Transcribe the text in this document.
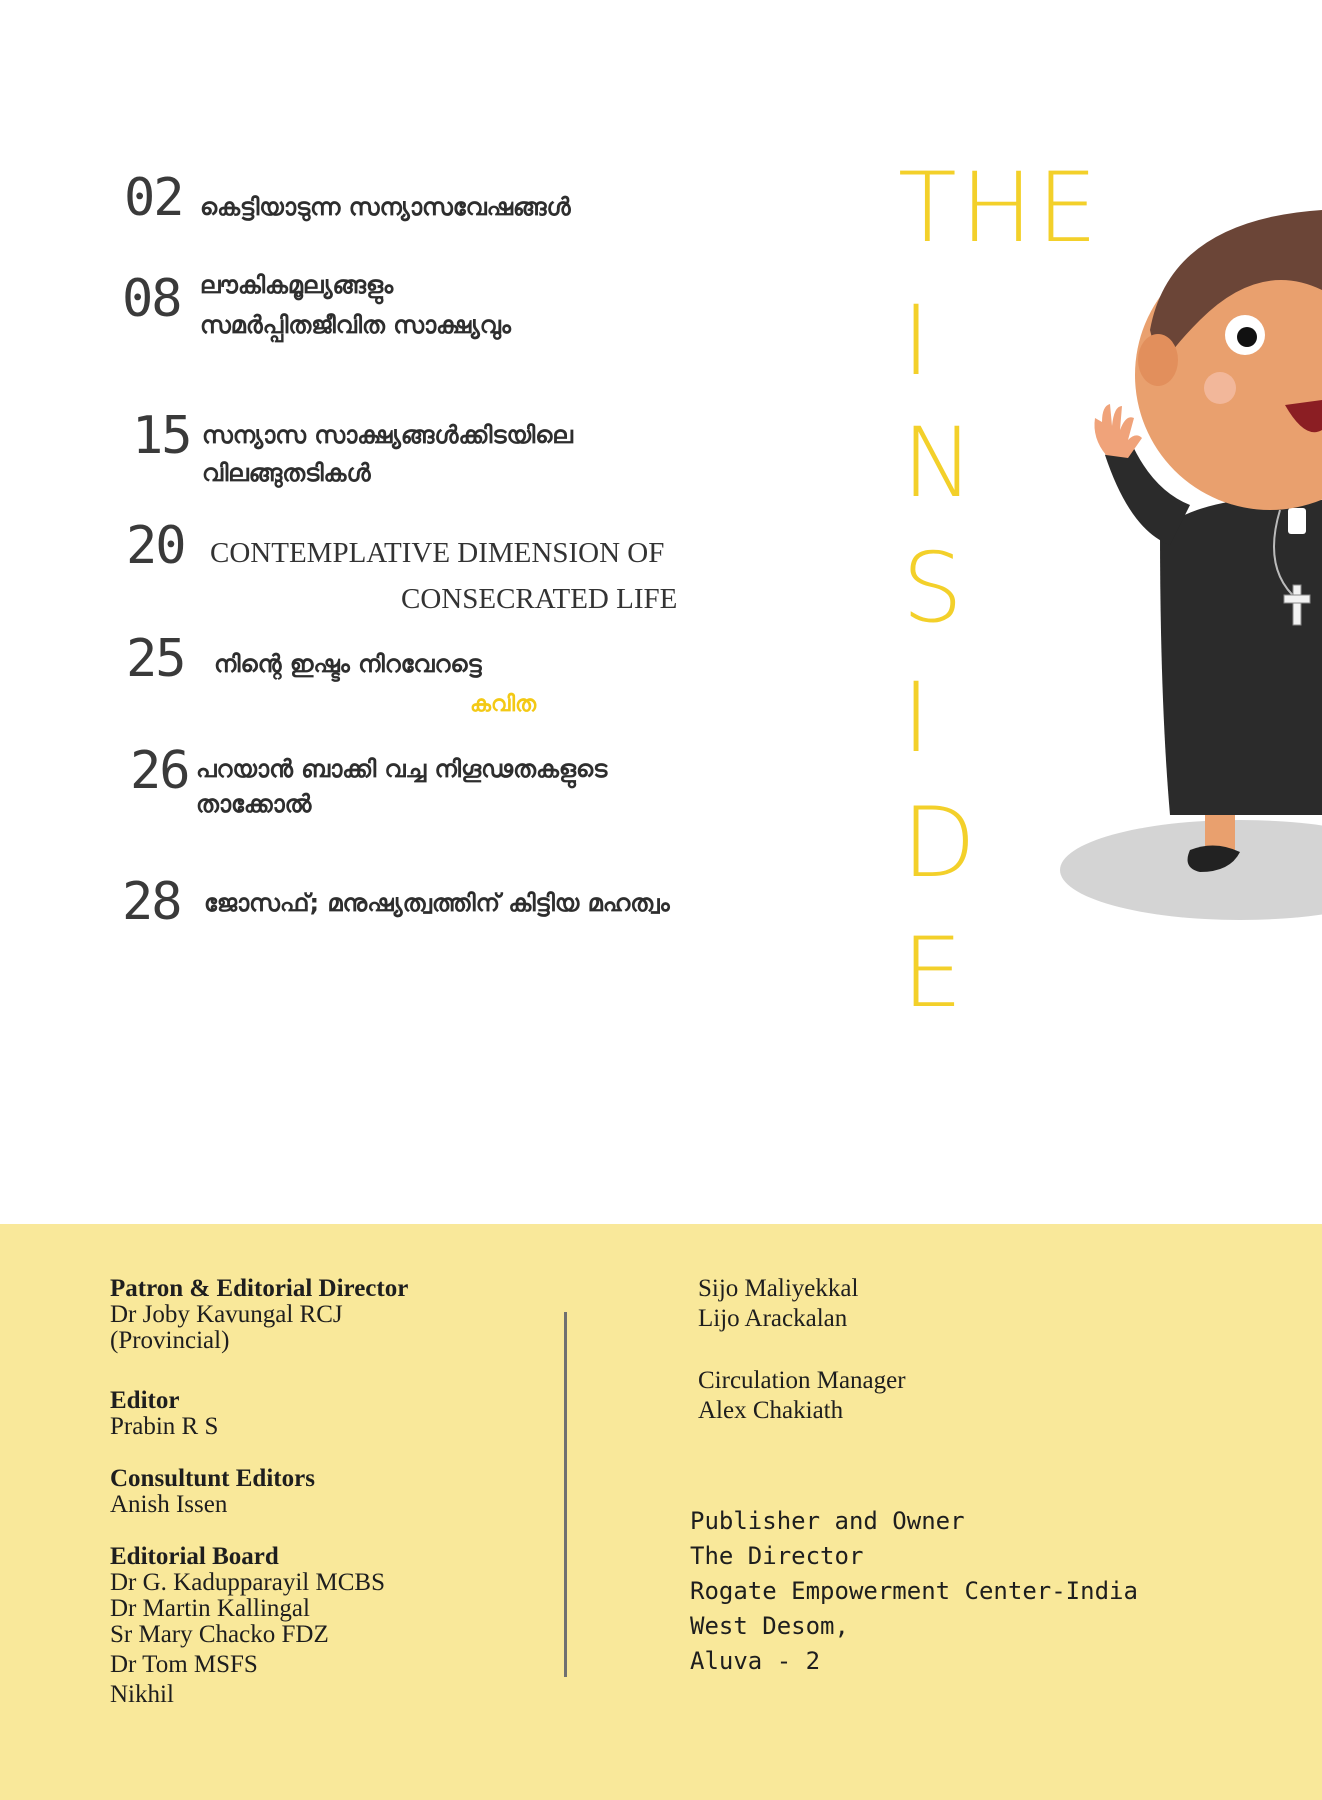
02 കെട്ടിയാടുന്ന സന്യാസവേഷങ്ങൾ
08 ലൗകികമൂല്യങ്ങളും
സമർപ്പിതജീവിത സാക്ഷ്യവും
15 സന്യാസ സാക്ഷ്യങ്ങൾക്കിടയിലെ
വിലങ്ങുതടികൾ
20 CONTEMPLATIVE DIMENSION OF
CONSECRATED LIFE
25 നിന്റെ ഇഷ്ടം നിറവേറട്ടെ
കവിത
26 പറയാൻ ബാക്കി വച്ച നിഗൂഢതകളുടെ
താക്കോൽ
28 ജോസഫ്; മനുഷ്യത്വത്തിന് കിട്ടിയ മഹത്വം
THE
I
N
S
I
D
E
Patron & Editorial Director
Dr Joby Kavungal RCJ
(Provincial)
Editor
Prabin R S
Consultunt Editors
Anish Issen
Editorial Board
Dr G. Kadupparayil MCBS
Dr Martin Kallingal
Sr Mary Chacko FDZ
Dr Tom MSFS
Nikhil
Sijo Maliyekkal
Lijo Arackalan
Circulation Manager
Alex Chakiath
Publisher and Owner
The Director
Rogate Empowerment Center-India
West Desom,
Aluva - 2
